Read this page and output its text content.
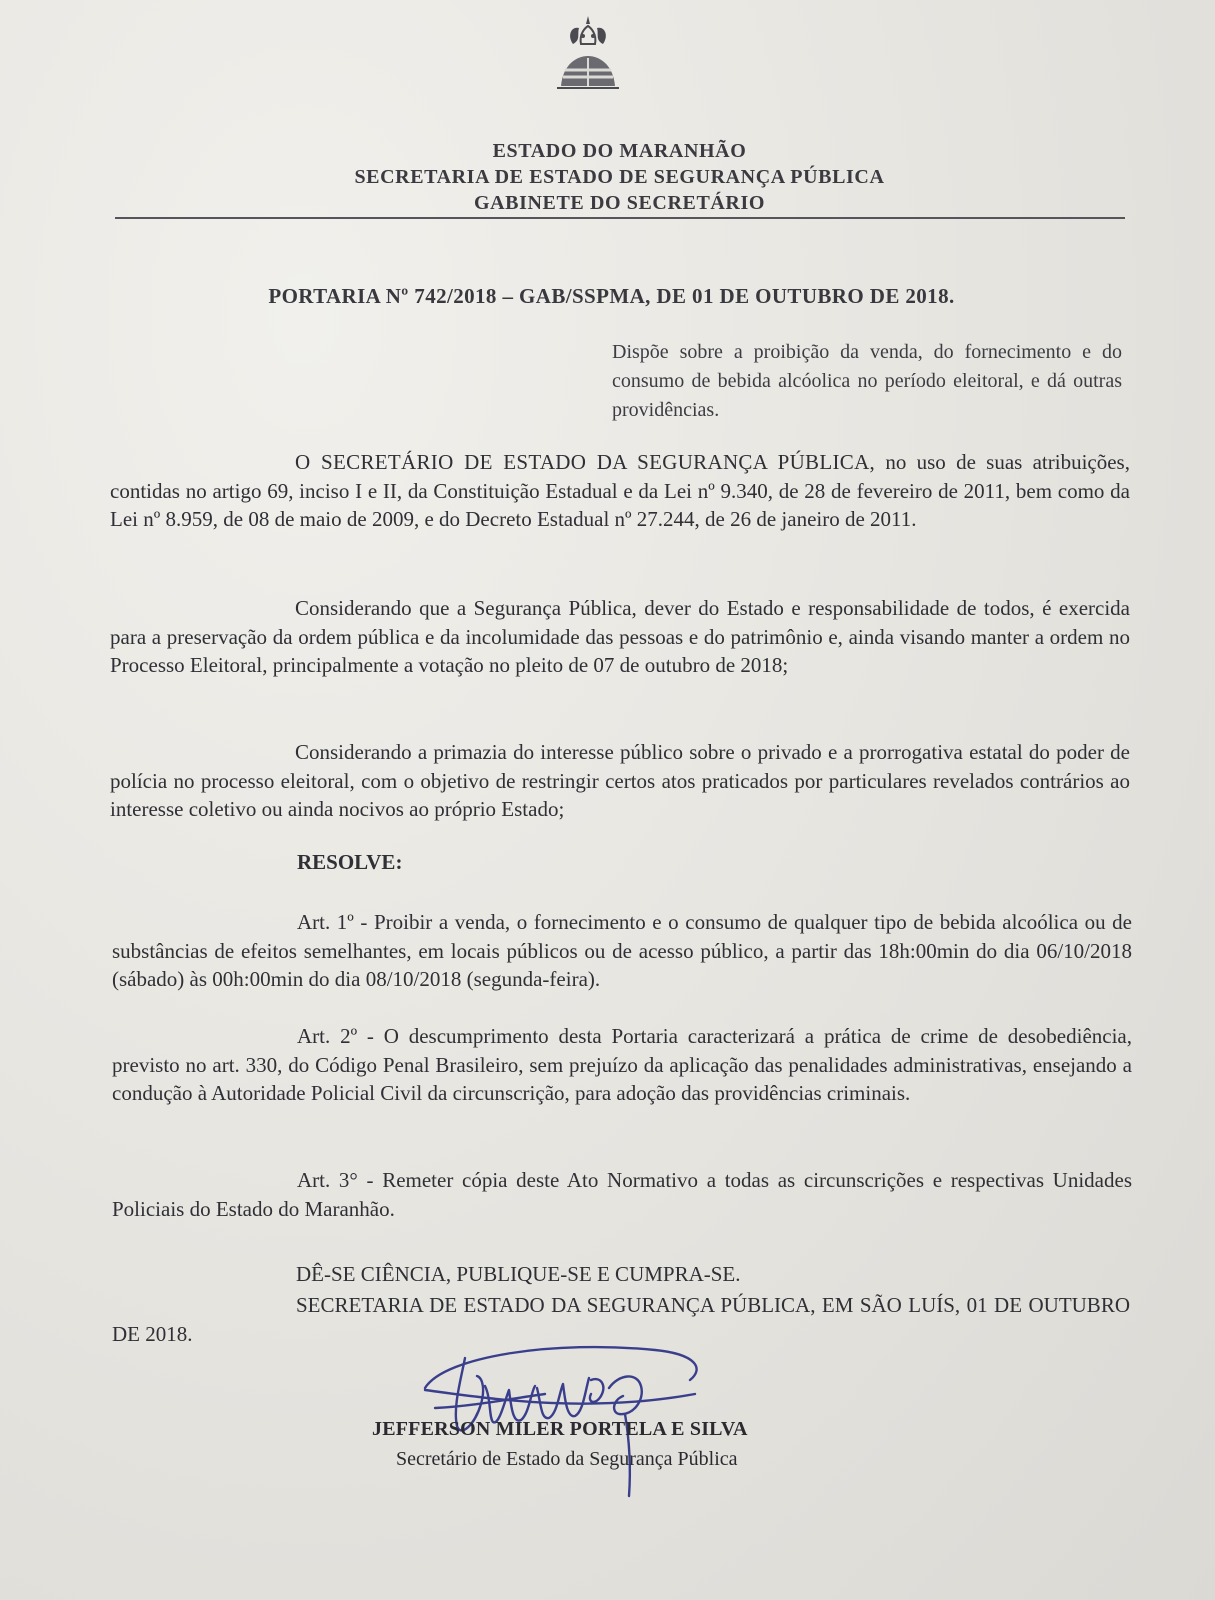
ESTADO DO MARANHÃO
SECRETARIA DE ESTADO DE SEGURANÇA PÚBLICA
GABINETE DO SECRETÁRIO
PORTARIA Nº 742/2018 – GAB/SSPMA, DE 01 DE OUTUBRO DE 2018.
Dispõe sobre a proibição da venda, do fornecimento e do consumo de bebida alcóolica no período eleitoral, e dá outras providências.
O SECRETÁRIO DE ESTADO DA SEGURANÇA PÚBLICA, no uso de suas atribuições, contidas no artigo 69, inciso I e II, da Constituição Estadual e da Lei nº 9.340, de 28 de fevereiro de 2011, bem como da Lei nº 8.959, de 08 de maio de 2009, e do Decreto Estadual nº 27.244, de 26 de janeiro de 2011.
Considerando que a Segurança Pública, dever do Estado e responsabilidade de todos, é exercida para a preservação da ordem pública e da incolumidade das pessoas e do patrimônio e, ainda visando manter a ordem no Processo Eleitoral, principalmente a votação no pleito de 07 de outubro de 2018;
Considerando a primazia do interesse público sobre o privado e a prorrogativa estatal do poder de polícia no processo eleitoral, com o objetivo de restringir certos atos praticados por particulares revelados contrários ao interesse coletivo ou ainda nocivos ao próprio Estado;
RESOLVE:
Art. 1º - Proibir a venda, o fornecimento e o consumo de qualquer tipo de bebida alcoólica ou de substâncias de efeitos semelhantes, em locais públicos ou de acesso público, a partir das 18h:00min do dia 06/10/2018 (sábado) às 00h:00min do dia 08/10/2018 (segunda-feira).
Art. 2º - O descumprimento desta Portaria caracterizará a prática de crime de desobediência, previsto no art. 330, do Código Penal Brasileiro, sem prejuízo da aplicação das penalidades administrativas, ensejando a condução à Autoridade Policial Civil da circunscrição, para adoção das providências criminais.
Art. 3° - Remeter cópia deste Ato Normativo a todas as circunscrições e respectivas Unidades Policiais do Estado do Maranhão.
DÊ-SE CIÊNCIA, PUBLIQUE-SE E CUMPRA-SE.
SECRETARIA DE ESTADO DA SEGURANÇA PÚBLICA, EM SÃO LUÍS, 01 DE OUTUBRO DE 2018.
JEFFERSON MILER PORTELA E SILVA
Secretário de Estado da Segurança Pública
